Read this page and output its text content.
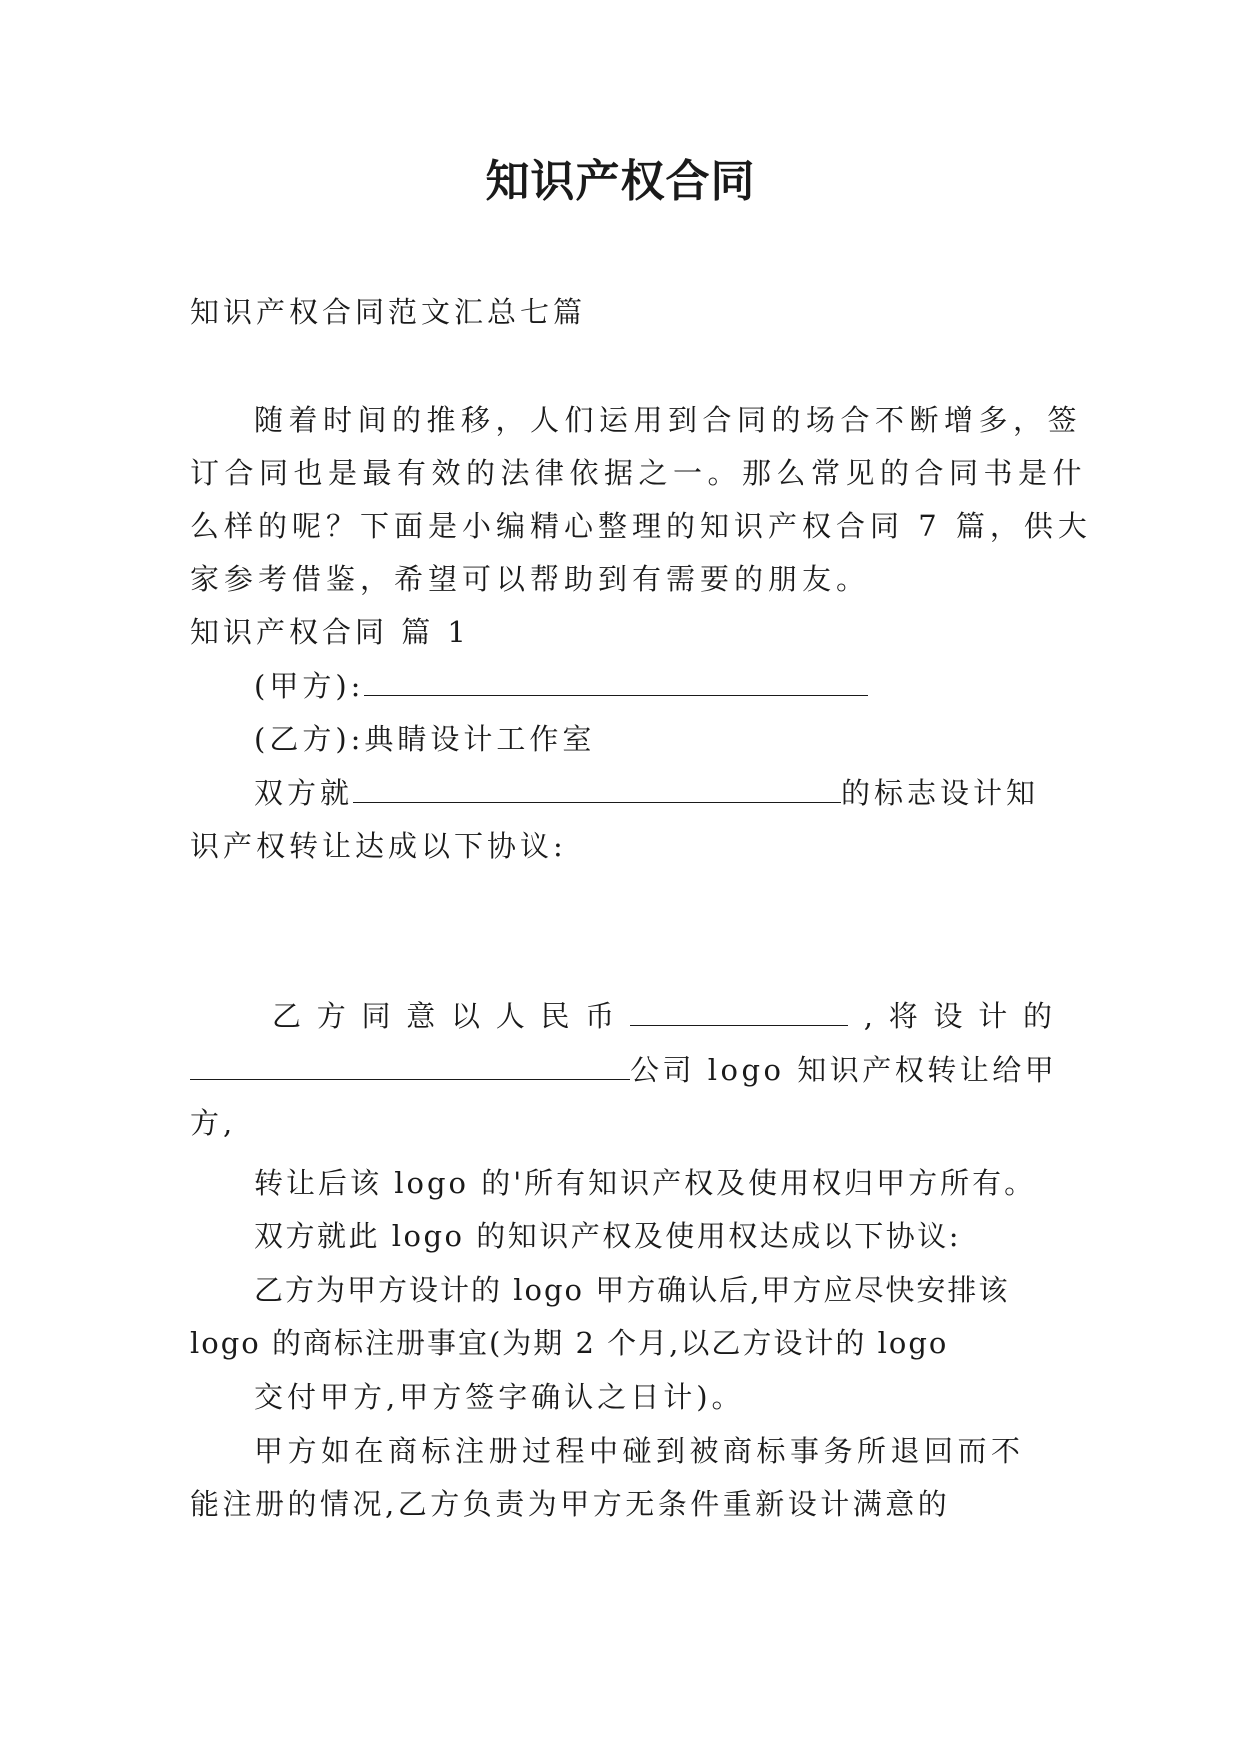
知识产权合同
知识产权合同范文汇总七篇
随着时间的推移，人们运用到合同的场合不断增多，签
订合同也是最有效的法律依据之一。那么常见的合同书是什
么样的呢？下面是小编精心整理的知识产权合同 7 篇，供大
家参考借鉴，希望可以帮助到有需要的朋友。
知识产权合同 篇 1
(甲方):
(乙方):典睛设计工作室
双方就	的标志设计知
识产权转让达成以下协议:
乙 方 同 意 以 人 民 币	, 将 设 计 的
公司 logo 知识产权转让给甲
方,
转让后该 logo 的'所有知识产权及使用权归甲方所有。
双方就此 logo 的知识产权及使用权达成以下协议:
乙方为甲方设计的 logo 甲方确认后,甲方应尽快安排该
logo 的商标注册事宜(为期 2 个月,以乙方设计的 logo
交付甲方,甲方签字确认之日计)。
甲方如在商标注册过程中碰到被商标事务所退回而不
能注册的情况,乙方负责为甲方无条件重新设计满意的
